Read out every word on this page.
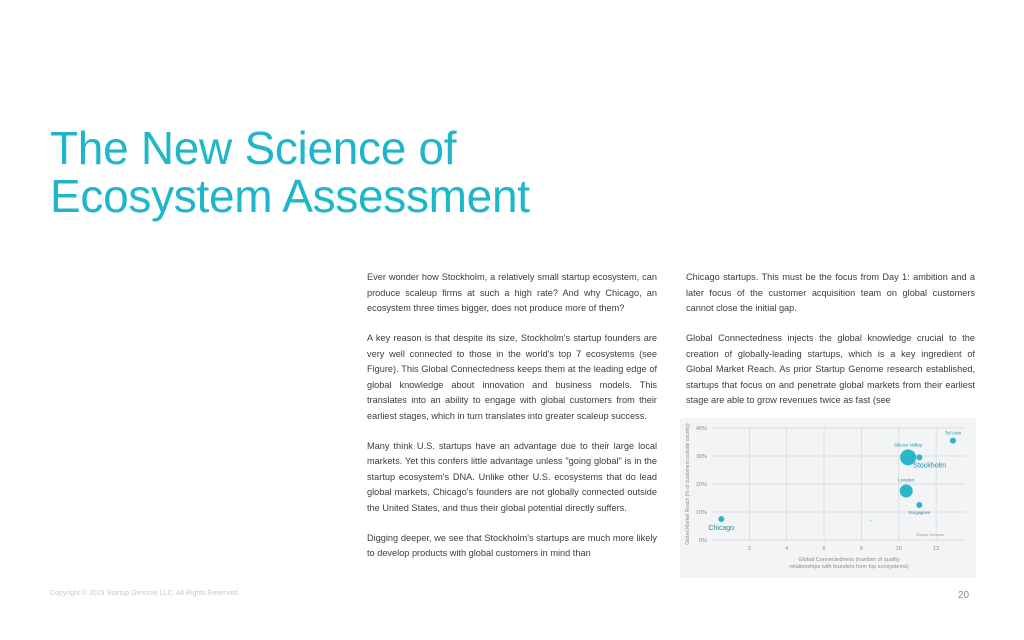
The New Science of
Ecosystem Assessment

Ever wonder how Stockholm, a relatively small startup ecosystem, can produce scaleup firms at such a high rate? And why Chicago, an ecosystem three times bigger, does not produce more of them?

A key reason is that despite its size, Stockholm's startup founders are very well connected to those in the world's top 7 ecosystems (see Figure). This Global Connectedness keeps them at the leading edge of global knowledge about innovation and business models. This translates into an ability to engage with global customers from their earliest stages, which in turn translates into greater scaleup success.

Many think U.S. startups have an advantage due to their large local markets. Yet this confers little advantage unless "going global" is in the startup ecosystem's DNA. Unlike other U.S. ecosystems that do lead global markets, Chicago's founders are not globally connected outside the United States, and thus their global potential directly suffers.

Digging deeper, we see that Stockholm's startups are much more likely to develop products with global customers in mind than

Chicago startups. This must be the focus from Day 1: ambition and a later focus of the customer acquisition team on global customers cannot close the initial gap.

Global Connectedness injects the global knowledge crucial to the creation of globally-leading startups, which is a key ingredient of Global Market Reach. As prior Startup Genome research established, startups that focus on and penetrate global markets from their earliest stage are able to grow revenues twice as fast (see

0%
10%
20%
30%
40%
2	4	6	8	10	12
Global Market Reach (% of customers outside country)
Global Connectedness (number of quality
relationships with founders from top ecosystems)
Chicago
Stockholm
Silicon Valley
London
Singapore
Tel Aviv
Startup Genome
Copyright © 2019 Startup Genome LLC. All Rights Reserved.	20
